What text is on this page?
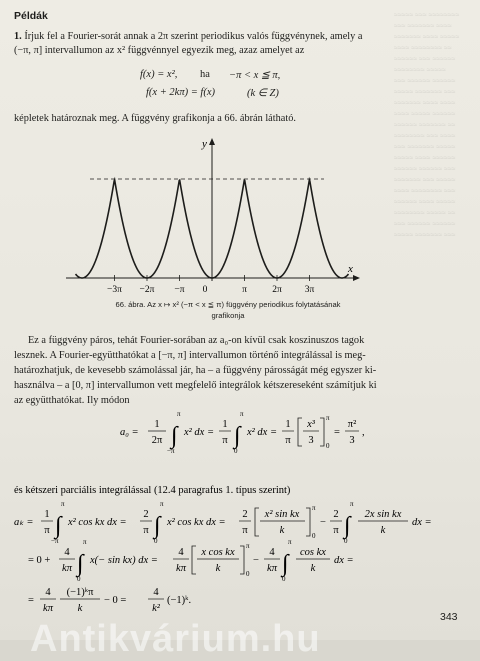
≈≈≈≈≈ ≈≈≈ ≈≈≈≈≈≈≈≈
≈≈≈ ≈≈≈≈≈≈≈ ≈≈≈≈
≈≈≈≈≈≈≈ ≈≈≈≈ ≈≈≈≈≈
≈≈≈≈ ≈≈≈≈≈≈≈≈ ≈≈
≈≈≈≈≈≈ ≈≈≈ ≈≈≈≈≈≈
≈≈≈≈≈≈≈≈ ≈≈≈≈≈
≈≈≈ ≈≈≈≈≈≈ ≈≈≈≈≈≈
≈≈≈≈≈ ≈≈≈≈≈≈≈ ≈≈≈
≈≈≈≈≈≈≈ ≈≈≈≈ ≈≈≈≈
≈≈≈≈ ≈≈≈≈≈ ≈≈≈≈≈≈
≈≈≈≈≈≈ ≈≈≈≈≈≈≈ ≈≈
≈≈≈≈≈≈≈≈ ≈≈≈ ≈≈≈≈
≈≈≈ ≈≈≈≈≈≈≈ ≈≈≈≈≈
≈≈≈≈≈ ≈≈≈≈ ≈≈≈≈≈≈
≈≈≈≈≈≈ ≈≈≈≈≈≈ ≈≈≈
≈≈≈≈≈≈≈ ≈≈≈ ≈≈≈≈≈
≈≈≈≈ ≈≈≈≈≈≈≈≈ ≈≈≈
≈≈≈≈≈≈ ≈≈≈≈ ≈≈≈≈≈
≈≈≈≈≈≈≈≈ ≈≈≈≈≈ ≈≈
≈≈≈ ≈≈≈≈≈≈ ≈≈≈≈≈≈
≈≈≈≈≈ ≈≈≈≈≈≈≈ ≈≈≈
Példák
1. Írjuk fel a Fourier-sorát annak a 2π szerint periodikus valós függvénynek, amely a
(−π, π] intervallumon az x² függvénnyel egyezik meg, azaz amelyet az
f(x) = x², ha −π < x ≦ π,
f(x + 2kπ) = f(x)	(k ∈ Z)
képletek határoznak meg. A függvény grafikonja a 66. ábrán látható.
−3π −2π −π 0	π	2π 3π
y
x
66. ábra. Az x ↦ x² (−π < x ≦ π) függvény periodikus folytatásának
grafikonja
Ez a függvény páros, tehát Fourier-sorában az a₀-on kívül csak koszinuszos tagok
lesznek. A Fourier-együtthatókat a [−π, π] intervallumon történő integrálással is meg-
határozhatjuk, de kevesebb számolással jár, ha – a függvény párosságát még egyszer ki-
használva – a [0, π] intervallumon vett megfelelő integrálok kétszereseként számítjuk ki
az együtthatókat. Ily módon
a₀ =
1
2π ∫
π
−π
x² dx =
1
π ∫
π
0
x² dx =
1
π
x³
3
π
0
=
π²
3
,
és kétszeri parciális integrálással (12.4 paragrafus 1. típus szerint)
aₖ =
1
π ∫
π
−π
x² cos kx dx =
2
π ∫
π
0
x² cos kx dx =
2
π
x² sin kx
k
π
0
−
2
π ∫
π
0
2x sin kx
k
dx =
= 0 +
4
kπ ∫
π
0
x(− sin kx) dx =
4
kπ
x cos kx
k
π
0
−
4
kπ ∫
π
0
cos kx
k
dx =
=
4
kπ
(−1)ᵏπ
k
− 0 =
4
k²
(−1)ᵏ.
343
Antikvárium.hu
